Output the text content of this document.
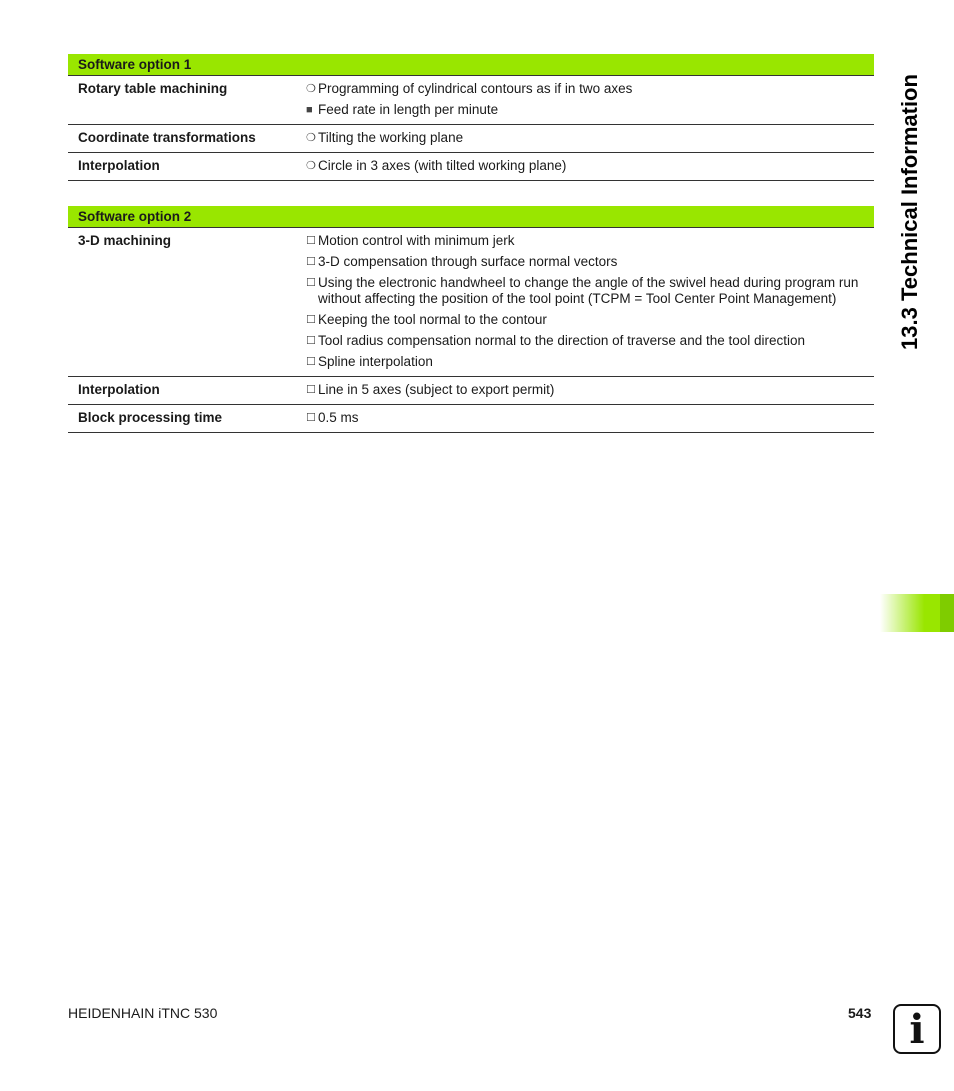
Software option 1
Rotary table machining	❍ Programming of cylindrical contours as if in two axes
■ Feed rate in length per minute
Coordinate transformations	❍ Tilting the working plane
Interpolation	❍ Circle in 3 axes (with tilted working plane)
Software option 2
3-D machining	☐ Motion control with minimum jerk
☐ 3-D compensation through surface normal vectors
☐ Using the electronic handwheel to change the angle of the swivel head during program run without affecting the position of the tool point (TCPM = Tool Center Point Management)
☐ Keeping the tool normal to the contour
☐ Tool radius compensation normal to the direction of traverse and the tool direction
☐ Spline interpolation
Interpolation	☐ Line in 5 axes (subject to export permit)
Block processing time	☐ 0.5 ms
13.3 Technical Information
HEIDENHAIN iTNC 530	543 i
